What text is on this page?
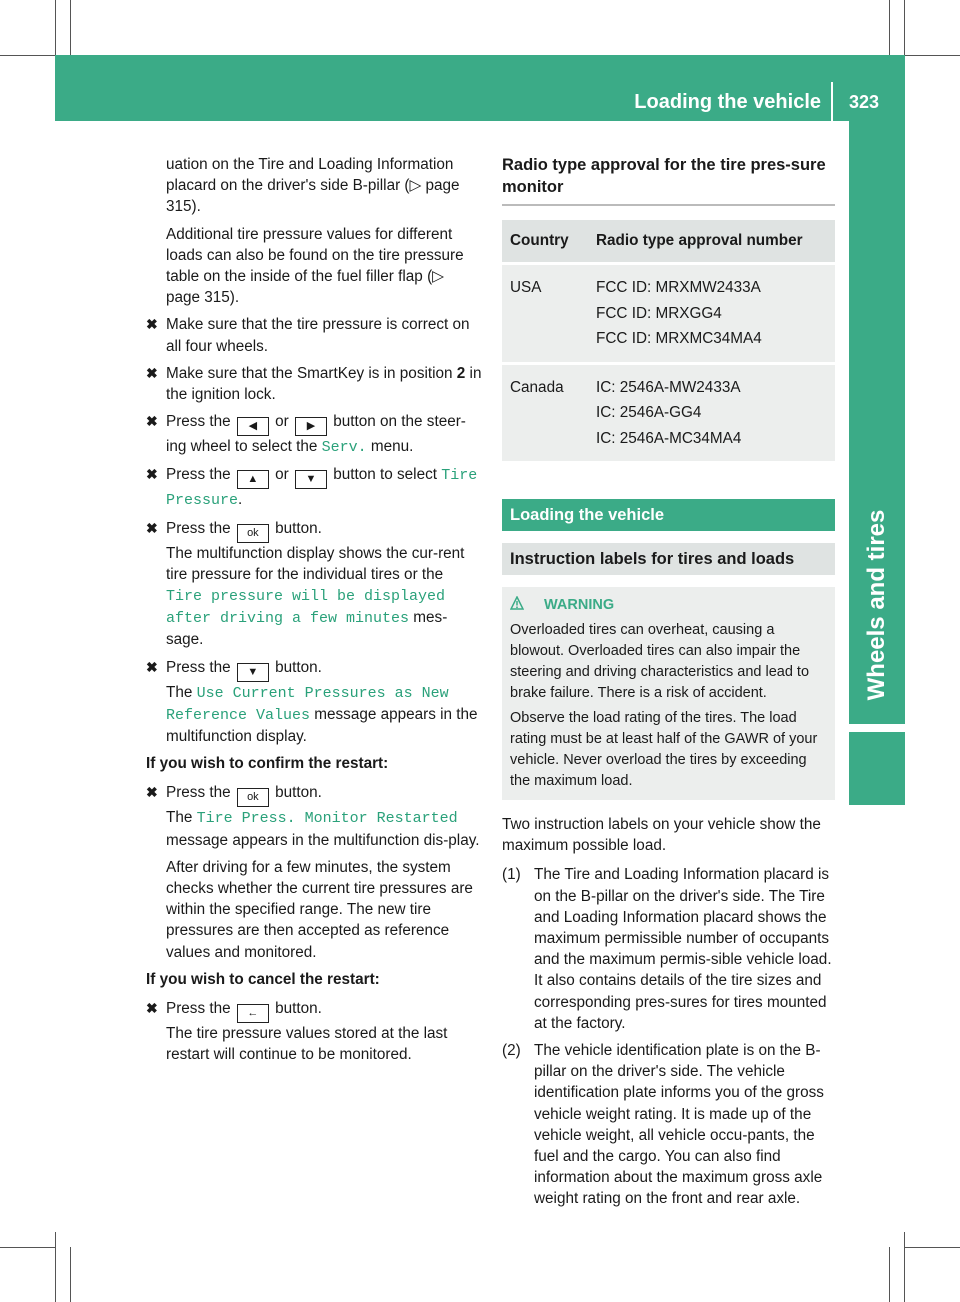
Loading the vehicle	323
Wheels and tires
uation on the Tire and Loading Information placard on the driver's side B-pillar (▷ page 315).
Additional tire pressure values for different loads can also be found on the tire pressure table on the inside of the fuel filler flap (▷ page 315).
✖︎ Make sure that the tire pressure is correct on all four wheels.
✖︎ Make sure that the SmartKey is in position 2 in the ignition lock.
✖︎ Press the ◀ or ▶ button on the steer-ing wheel to select the Serv. menu.
✖︎ Press the ▲ or ▼ button to select Tire Pressure.
✖︎ Press the ok button.
The multifunction display shows the cur-rent tire pressure for the individual tires or the Tire pressure will be displayed after driving a few minutes mes-sage.
✖︎ Press the ▼ button.
The Use Current Pressures as New Reference Values message appears in the multifunction display.
If you wish to confirm the restart:
✖︎ Press the ok button.
The Tire Press. Monitor Restarted message appears in the multifunction dis-play.
After driving for a few minutes, the system checks whether the current tire pressures are within the specified range. The new tire pressures are then accepted as reference values and monitored.
If you wish to cancel the restart:
✖︎ Press the ← button.
The tire pressure values stored at the last restart will continue to be monitored.
Radio type approval for the tire pres-sure monitor
Country	Radio type approval number
USA	FCC ID: MRXMW2433A
FCC ID: MRXGG4
FCC ID: MRXMC34MA4

Canada	IC: 2546A-MW2433A
IC: 2546A-GG4
IC: 2546A-MC34MA4
Loading the vehicle
Instruction labels for tires and loads
WARNING

Overloaded tires can overheat, causing a blowout. Overloaded tires can also impair the steering and driving characteristics and lead to brake failure. There is a risk of accident.

Observe the load rating of the tires. The load rating must be at least half of the GAWR of your vehicle. Never overload the tires by exceeding the maximum load.

Two instruction labels on your vehicle show the maximum possible load.
(1) The Tire and Loading Information placard is on the B-pillar on the driver's side. The Tire and Loading Information placard shows the maximum permissible number of occupants and the maximum permis-sible vehicle load. It also contains details of the tire sizes and corresponding pres-sures for tires mounted at the factory.
(2) The vehicle identification plate is on the B-pillar on the driver's side. The vehicle identification plate informs you of the gross vehicle weight rating. It is made up of the vehicle weight, all vehicle occu-pants, the fuel and the cargo. You can also find information about the maximum gross axle weight rating on the front and rear axle.
